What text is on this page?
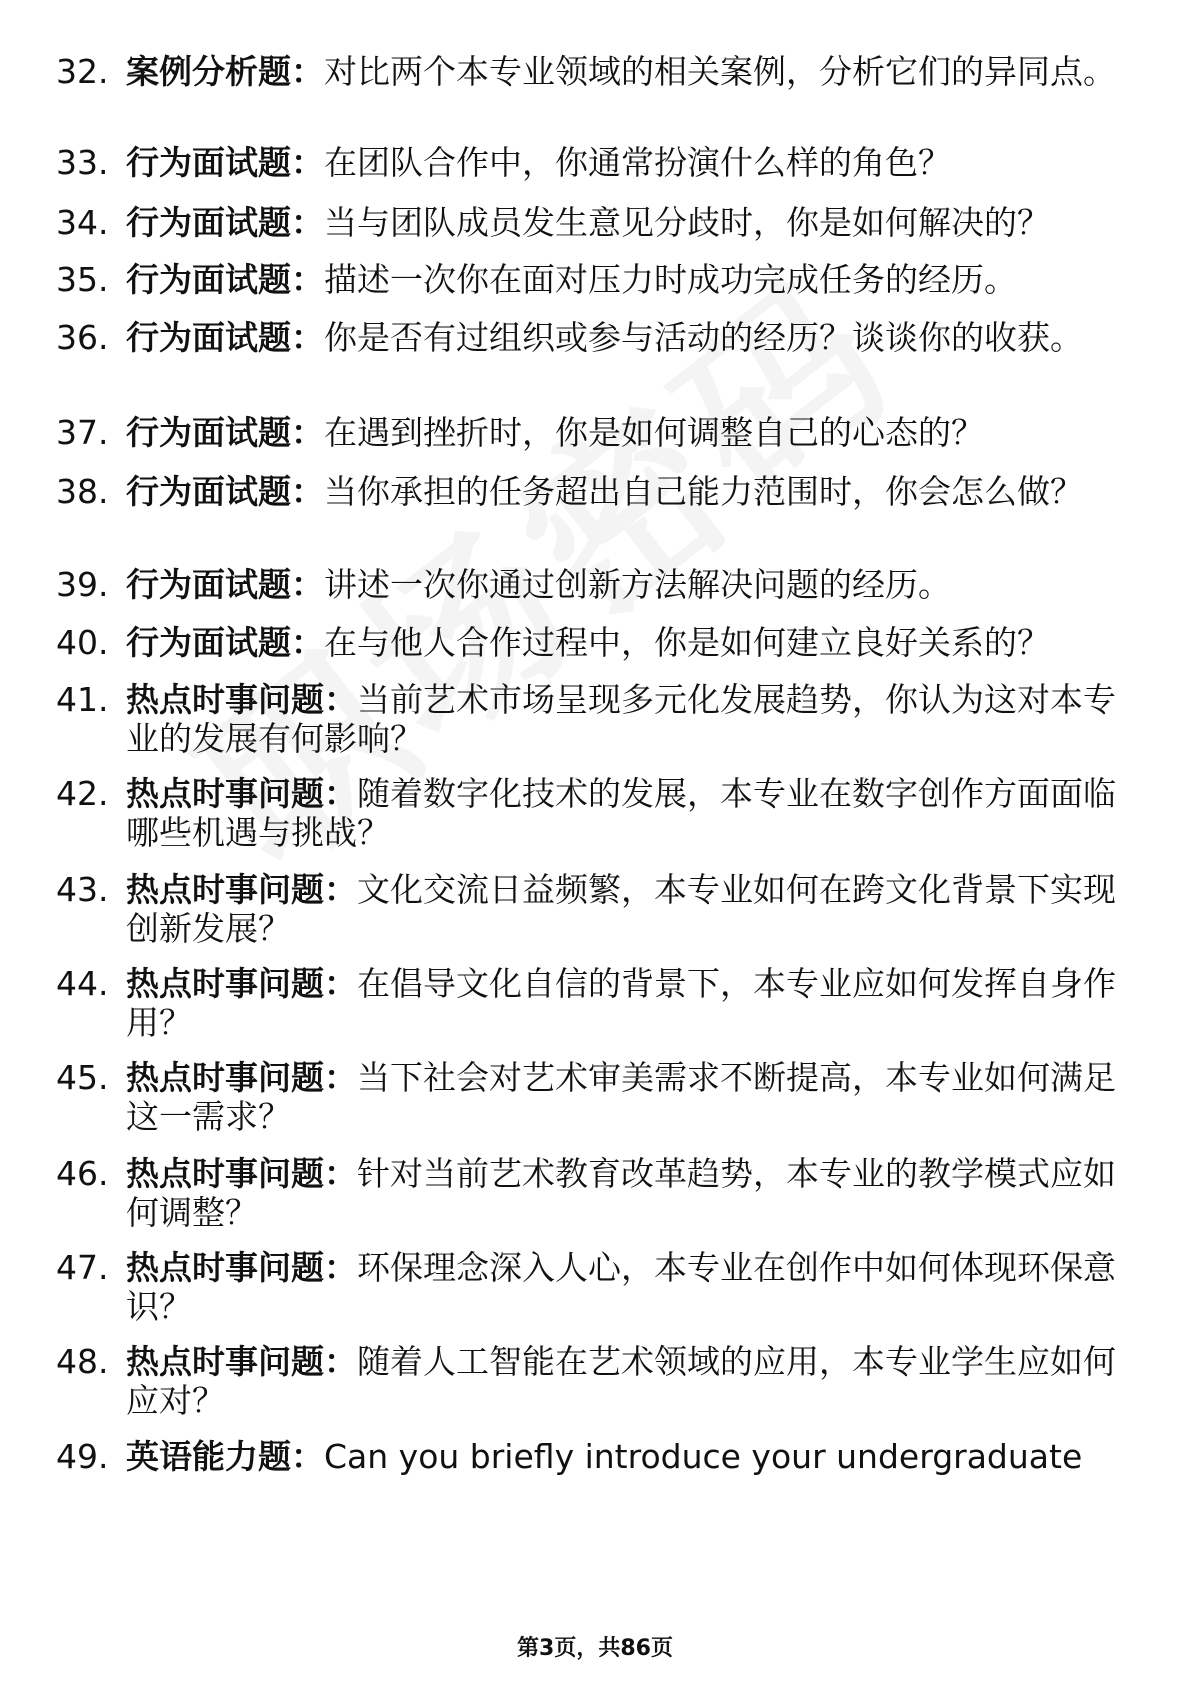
32. 案例分析题：对比两个本专业领域的相关案例，分析它们的异同点。
33. 行为面试题：在团队合作中，你通常扮演什么样的角色？
34. 行为面试题：当与团队成员发生意见分歧时，你是如何解决的？
35. 行为面试题：描述一次你在面对压力时成功完成任务的经历。
36. 行为面试题：你是否有过组织或参与活动的经历？谈谈你的收获。
37. 行为面试题：在遇到挫折时，你是如何调整自己的心态的？
38. 行为面试题：当你承担的任务超出自己能力范围时，你会怎么做？
39. 行为面试题：讲述一次你通过创新方法解决问题的经历。
40. 行为面试题：在与他人合作过程中，你是如何建立良好关系的？
41. 热点时事问题：当前艺术市场呈现多元化发展趋势，你认为这对本专业的发展有何影响？
42. 热点时事问题：随着数字化技术的发展，本专业在数字创作方面面临哪些机遇与挑战？
43. 热点时事问题：文化交流日益频繁，本专业如何在跨文化背景下实现创新发展？
44. 热点时事问题：在倡导文化自信的背景下，本专业应如何发挥自身作用？
45. 热点时事问题：当下社会对艺术审美需求不断提高，本专业如何满足这一需求？
46. 热点时事问题：针对当前艺术教育改革趋势，本专业的教学模式应如何调整？
47. 热点时事问题：环保理念深入人心，本专业在创作中如何体现环保意识？
48. 热点时事问题：随着人工智能在艺术领域的应用，本专业学生应如何应对？
49. 英语能力题：Can you briefly introduce your undergraduate
第3页，共86页
